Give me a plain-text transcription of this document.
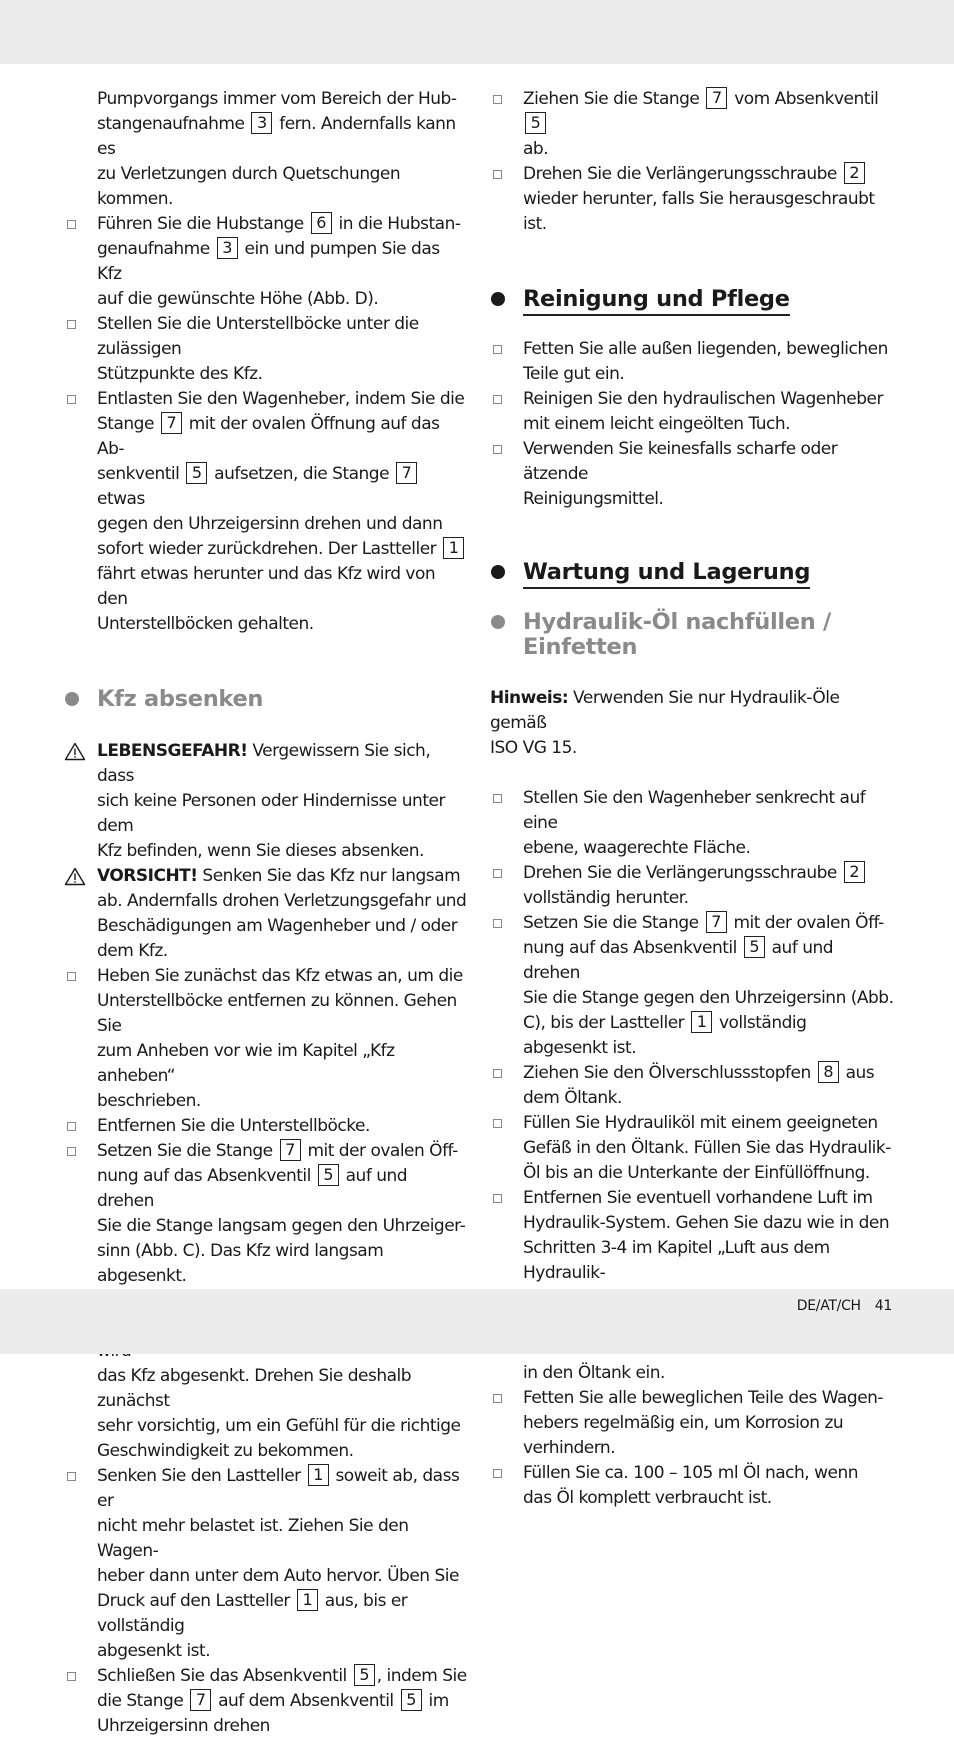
Pumpvorgangs immer vom Bereich der Hub-
stangenaufnahme 3 fern. Andernfalls kann es
zu Verletzungen durch Quetschungen kommen.
Führen Sie die Hubstange 6 in die Hubstan-
genaufnahme 3 ein und pumpen Sie das Kfz
auf die gewünschte Höhe (Abb. D).
Stellen Sie die Unterstellböcke unter die zulässigen
Stützpunkte des Kfz.
Entlasten Sie den Wagenheber, indem Sie die
Stange 7 mit der ovalen Öffnung auf das Ab-
senkventil 5 aufsetzen, die Stange 7 etwas
gegen den Uhrzeigersinn drehen und dann
sofort wieder zurückdrehen. Der Lastteller 1
fährt etwas herunter und das Kfz wird von den
Unterstellböcken gehalten.
Kfz absenken
LEBENSGEFAHR! Vergewissern Sie sich, dass
sich keine Personen oder Hindernisse unter dem
Kfz befinden, wenn Sie dieses absenken.
VORSICHT! Senken Sie das Kfz nur langsam
ab. Andernfalls drohen Verletzungsgefahr und
Beschädigungen am Wagenheber und / oder
dem Kfz.
Heben Sie zunächst das Kfz etwas an, um die
Unterstellböcke entfernen zu können. Gehen Sie
zum Anheben vor wie im Kapitel „Kfz anheben“
beschrieben.
Entfernen Sie die Unterstellböcke.
Setzen Sie die Stange 7 mit der ovalen Öff-
nung auf das Absenkventil 5 auf und drehen
Sie die Stange langsam gegen den Uhrzeiger-
sinn (Abb. C). Das Kfz wird langsam abgesenkt.

das Kfz abgesenkt. Drehen Sie deshalb zunächst
sehr vorsichtig, um ein Gefühl für die richtige
Geschwindigkeit zu bekommen.
Senken Sie den Lastteller 1 soweit ab, dass er
nicht mehr belastet ist. Ziehen Sie den Wagen-
heber dann unter dem Auto hervor. Üben Sie
Druck auf den Lastteller 1 aus, bis er vollständig
abgesenkt ist.
Schließen Sie das Absenkventil 5 , indem Sie
die Stange 7 auf dem Absenkventil 5 im
Uhrzeigersinn drehen
Ziehen Sie die Stange 7 vom Absenkventil 5
ab.
Drehen Sie die Verlängerungsschraube 2
wieder herunter, falls Sie herausgeschraubt ist.
Reinigung und Pflege
Fetten Sie alle außen liegenden, beweglichen
Teile gut ein.
Reinigen Sie den hydraulischen Wagenheber
mit einem leicht eingeölten Tuch.
Verwenden Sie keinesfalls scharfe oder ätzende
Reinigungsmittel.
Wartung und Lagerung
Hydraulik-Öl nachfüllen /
Einfetten
Hinweis: Verwenden Sie nur Hydraulik-Öle gemäß
ISO VG 15.
Stellen Sie den Wagenheber senkrecht auf eine
ebene, waagerechte Fläche.
Drehen Sie die Verlängerungsschraube 2
vollständig herunter.
Setzen Sie die Stange 7 mit der ovalen Öff-
nung auf das Absenkventil 5 auf und drehen
Sie die Stange gegen den Uhrzeigersinn (Abb.
C), bis der Lastteller 1 vollständig abgesenkt ist.
Ziehen Sie den Ölverschlussstopfen 8 aus
dem Öltank.
Füllen Sie Hydrauliköl mit einem geeigneten
Gefäß in den Öltank. Füllen Sie das Hydraulik-
Öl bis an die Unterkante der Einfüllöffnung.
Entfernen Sie eventuell vorhandene Luft im
Hydraulik-System. Gehen Sie dazu wie in den
Schritten 3-4 im Kapitel „Luft aus dem Hydraulik-

in den Öltank ein.
Fetten Sie alle beweglichen Teile des Wagen-
hebers regelmäßig ein, um Korrosion zu
verhindern.
Füllen Sie ca. 100 – 105 ml Öl nach, wenn
das Öl komplett verbraucht ist.
DE/AT/CH 41
